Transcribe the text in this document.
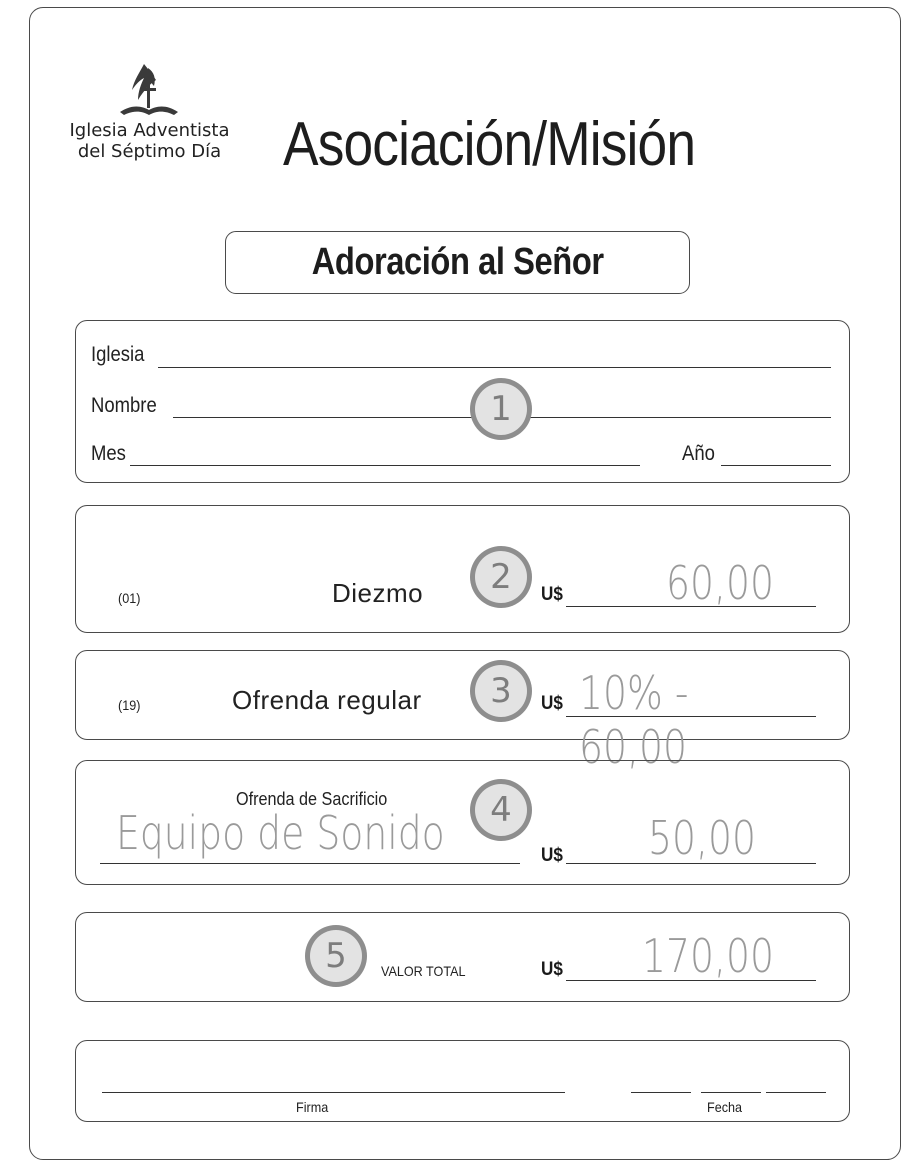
Iglesia Adventista
del Séptimo Día Asociación/Misión
Adoración al Señor
Iglesia
Nombre
Mes	Año
1
(01)	Diezmo	2	U$ 60,00
(19)	Ofrenda regular	3	U$ 10% - 60,00
Ofrenda de Sacrificio
Equipo de Sonido	4
U$ 50,00
5	VALOR TOTAL	U$ 170,00
Firma	Fecha
